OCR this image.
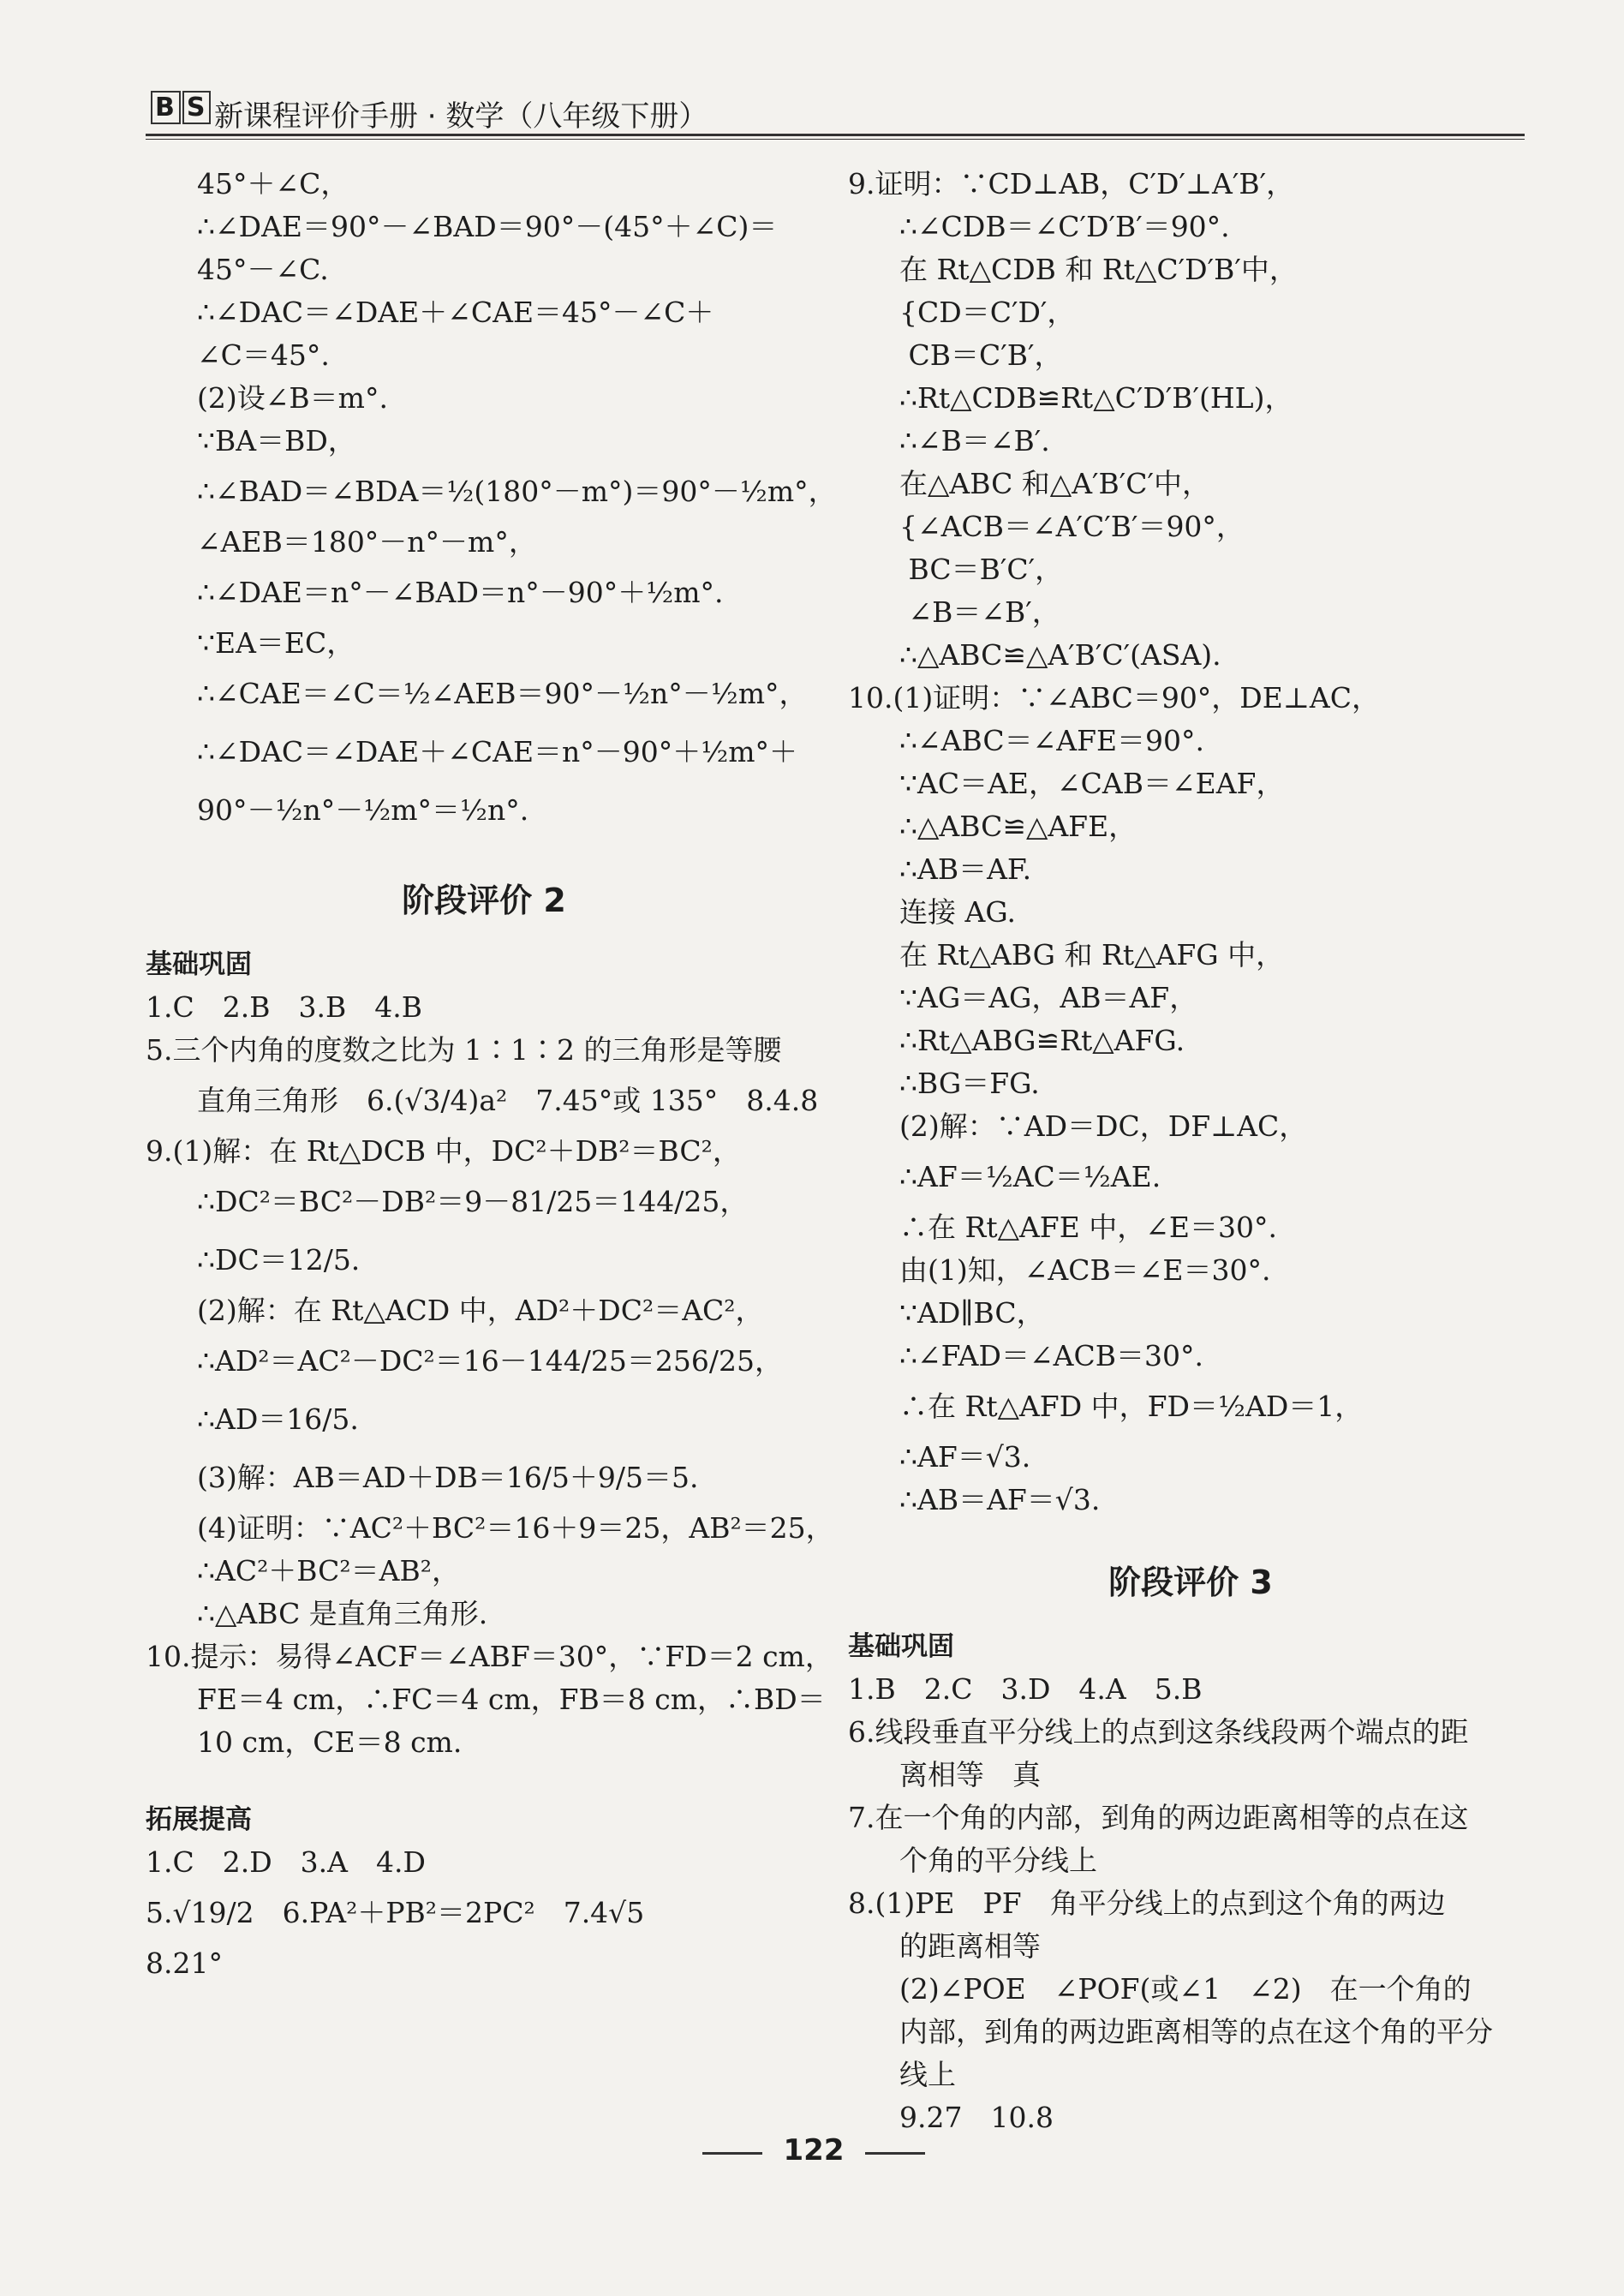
B S 新课程评价手册 · 数学（八年级下册）
45°＋∠C，
∴∠DAE＝90°－∠BAD＝90°－(45°＋∠C)＝
45°－∠C.
∴∠DAC＝∠DAE＋∠CAE＝45°－∠C＋
∠C＝45°.
(2)设∠B＝m°.
∵BA＝BD，
∴∠BAD＝∠BDA＝½(180°－m°)＝90°－½m°，
∠AEB＝180°－n°－m°，
∴∠DAE＝n°－∠BAD＝n°－90°＋½m°.
∵EA＝EC，
∴∠CAE＝∠C＝½∠AEB＝90°－½n°－½m°，
∴∠DAC＝∠DAE＋∠CAE＝n°－90°＋½m°＋
90°－½n°－½m°＝½n°.
阶段评价 2
基础巩固
1.C　2.B　3.B　4.B
5.三个内角的度数之比为 1∶1∶2 的三角形是等腰
直角三角形　6.(√3/4)a²　7.45°或 135°　8.4.8
9.(1)解：在 Rt△DCB 中，DC²＋DB²＝BC²，
∴DC²＝BC²－DB²＝9－81/25＝144/25，
∴DC＝12/5.
(2)解：在 Rt△ACD 中，AD²＋DC²＝AC²，
∴AD²＝AC²－DC²＝16－144/25＝256/25，
∴AD＝16/5.
(3)解：AB＝AD＋DB＝16/5＋9/5＝5.
(4)证明：∵AC²＋BC²＝16＋9＝25，AB²＝25，
∴AC²＋BC²＝AB²，
∴△ABC 是直角三角形.
10.提示：易得∠ACF＝∠ABF＝30°，∵FD＝2 cm，
FE＝4 cm，∴FC＝4 cm，FB＝8 cm，∴BD＝
10 cm，CE＝8 cm.
拓展提高
1.C　2.D　3.A　4.D
5.√19/2　6.PA²＋PB²＝2PC²　7.4√5
8.21°
9.证明：∵CD⊥AB，C′D′⊥A′B′，
∴∠CDB＝∠C′D′B′＝90°.
在 Rt△CDB 和 Rt△C′D′B′中，
{CD＝C′D′，
CB＝C′B′，
∴Rt△CDB≌Rt△C′D′B′(HL)，
∴∠B＝∠B′.
在△ABC 和△A′B′C′中，
{∠ACB＝∠A′C′B′＝90°，
BC＝B′C′，
∠B＝∠B′，
∴△ABC≌△A′B′C′(ASA).
10.(1)证明：∵∠ABC＝90°，DE⊥AC，
∴∠ABC＝∠AFE＝90°.
∵AC＝AE，∠CAB＝∠EAF，
∴△ABC≌△AFE，
∴AB＝AF.
连接 AG.
在 Rt△ABG 和 Rt△AFG 中，
∵AG＝AG，AB＝AF，
∴Rt△ABG≌Rt△AFG.
∴BG＝FG.
(2)解：∵AD＝DC，DF⊥AC，
∴AF＝½AC＝½AE.
∴在 Rt△AFE 中，∠E＝30°.
由(1)知，∠ACB＝∠E＝30°.
∵AD∥BC，
∴∠FAD＝∠ACB＝30°.
∴在 Rt△AFD 中，FD＝½AD＝1，
∴AF＝√3.
∴AB＝AF＝√3.
阶段评价 3
基础巩固
1.B　2.C　3.D　4.A　5.B
6.线段垂直平分线上的点到这条线段两个端点的距
离相等　真
7.在一个角的内部，到角的两边距离相等的点在这
个角的平分线上
8.(1)PE　PF　角平分线上的点到这个角的两边
的距离相等
(2)∠POE　∠POF(或∠1　∠2)　在一个角的
内部，到角的两边距离相等的点在这个角的平分
线上
9.27　10.8
122
